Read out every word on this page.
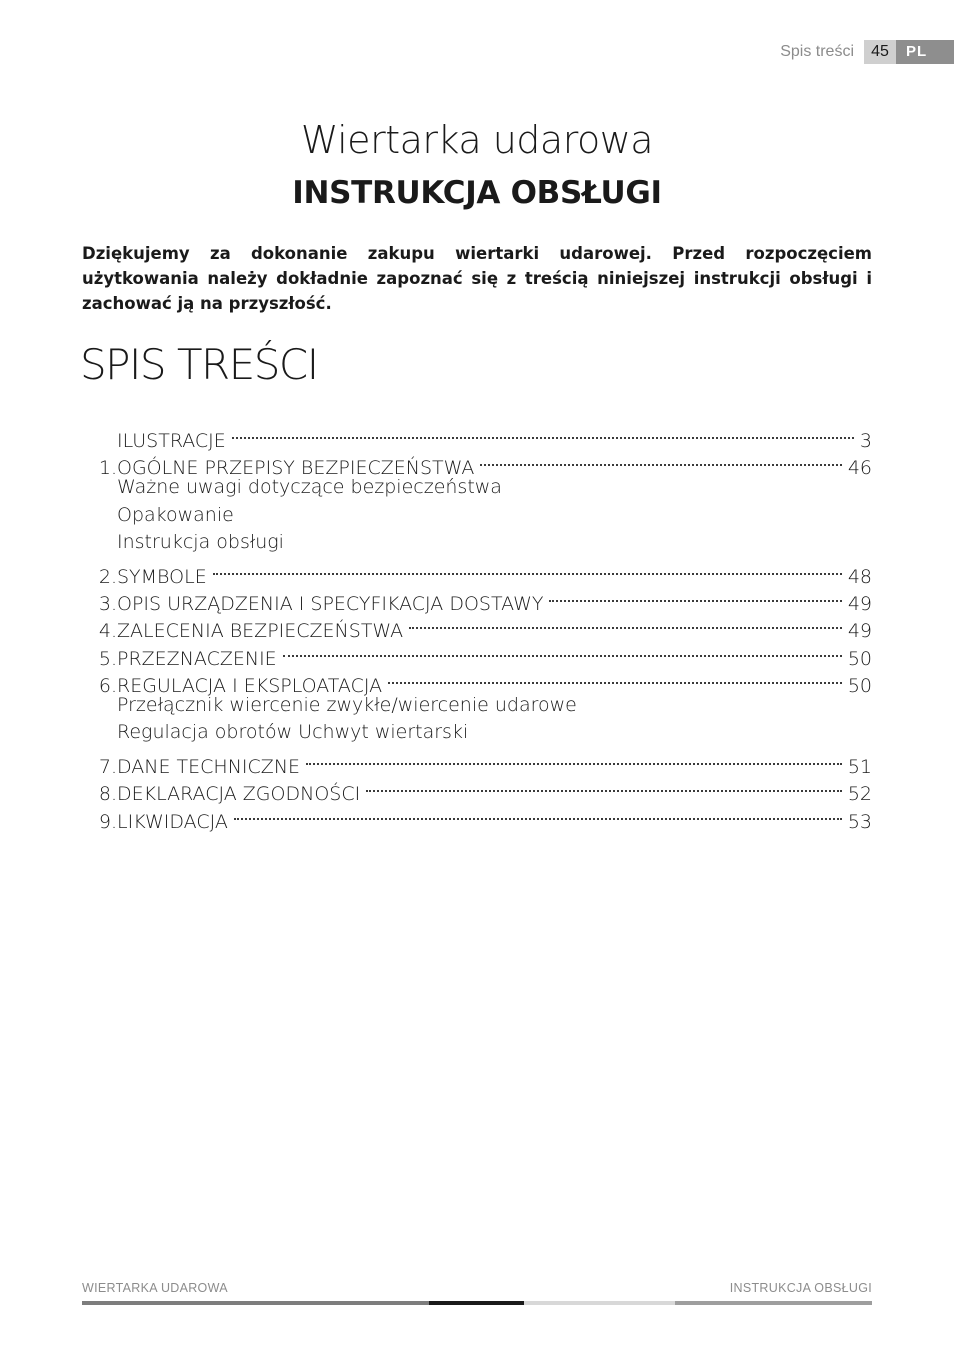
Spis treści	45	PL
Wiertarka udarowa
INSTRUKCJA OBSŁUGI

Dziękujemy za dokonanie zakupu wiertarki udarowej. Przed rozpoczęciem użytkowania należy dokładnie zapoznać się z treścią niniejszej instrukcji obsługi i zachować ją na przyszłość.

SPIS TREŚCI
ILUSTRACJE	3
1. OGÓLNE PRZEPISY BEZPIECZEŃSTWA	46
Ważne uwagi dotyczące bezpieczeństwa
Opakowanie
Instrukcja obsługi
2. SYMBOLE	48
3. OPIS URZĄDZENIA I SPECYFIKACJA DOSTAWY	49
4. ZALECENIA BEZPIECZEŃSTWA	49
5. PRZEZNACZENIE	50
6. REGULACJA I EKSPLOATACJA	50
Przełącznik wiercenie zwykłe/wiercenie udarowe
Regulacja obrotów Uchwyt wiertarski
7. DANE TECHNICZNE	51
8. DEKLARACJA ZGODNOŚCI	52
9. LIKWIDACJA	53
WIERTARKA UDAROWA	INSTRUKCJA OBSŁUGI
